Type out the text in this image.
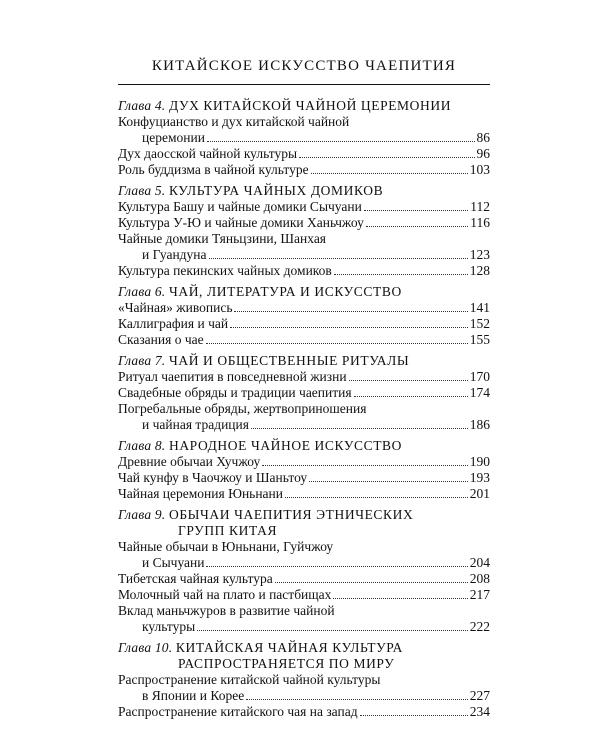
КИТАЙСКОЕ ИСКУССТВО ЧАЕПИТИЯ
Глава 4. ДУХ КИТАЙСКОЙ ЧАЙНОЙ ЦЕРЕМОНИИ
Конфуцианство и дух китайской чайной
церемонии	86
Дух даосской чайной культуры	96
Роль буддизма в чайной культуре	103
Глава 5. КУЛЬТУРА ЧАЙНЫХ ДОМИКОВ
Культура Башу и чайные домики Сычуани	112
Культура У-Ю и чайные домики Ханьчжоу	116
Чайные домики Тяньцзини, Шанхая
и Гуандуна	123
Культура пекинских чайных домиков	128
Глава 6. ЧАЙ, ЛИТЕРАТУРА И ИСКУССТВО
«Чайная» живопись	141
Каллиграфия и чай	152
Сказания о чае	155
Глава 7. ЧАЙ И ОБЩЕСТВЕННЫЕ РИТУАЛЫ
Ритуал чаепития в повседневной жизни	170
Свадебные обряды и традиции чаепития	174
Погребальные обряды, жертвоприношения
и чайная традиция	186
Глава 8. НАРОДНОЕ ЧАЙНОЕ ИСКУССТВО
Древние обычаи Хучжоу	190
Чай кунфу в Чаочжоу и Шаньтоу	193
Чайная церемония Юньнани	201
Глава 9. ОБЫЧАИ ЧАЕПИТИЯ ЭТНИЧЕСКИХ
ГРУПП КИТАЯ
Чайные обычаи в Юньнани, Гуйчжоу
и Сычуани	204
Тибетская чайная культура	208
Молочный чай на плато и пастбищах	217
Вклад маньчжуров в развитие чайной
культуры	222
Глава 10. КИТАЙСКАЯ ЧАЙНАЯ КУЛЬТУРА
РАСПРОСТРАНЯЕТСЯ ПО МИРУ
Распространение китайской чайной культуры
в Японии и Корее	227
Распространение китайского чая на запад	234
